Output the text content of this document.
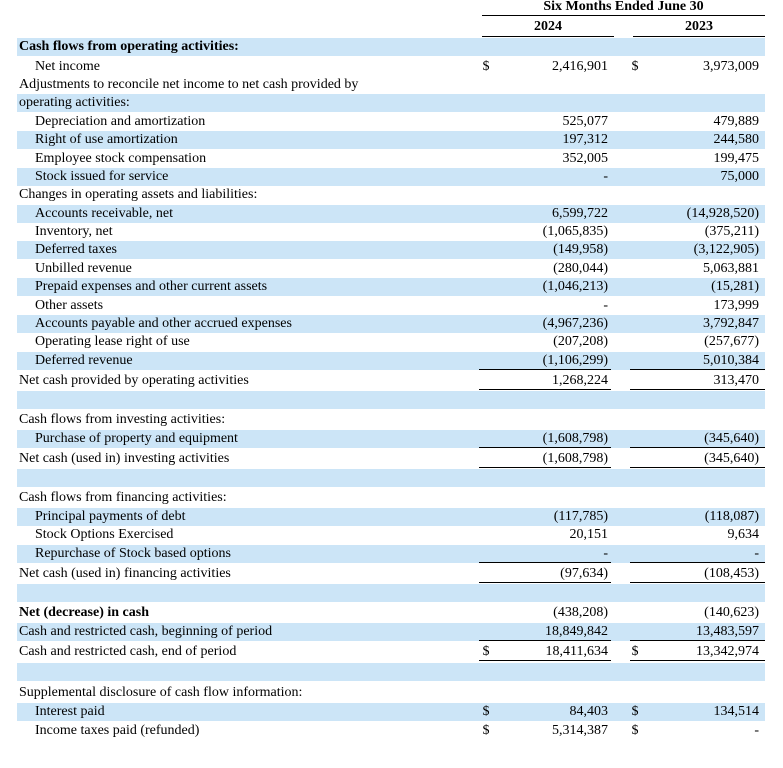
Six Months Ended June 30
2024	2023
Cash flows from operating activities:
Net income	$	2,416,901 $	3,973,009
Adjustments to reconcile net income to net cash provided by
operating activities:
Depreciation and amortization	525,077	479,889
Right of use amortization	197,312	244,580
Employee stock compensation	352,005	199,475
Stock issued for service	-	75,000
Changes in operating assets and liabilities:
Accounts receivable, net	6,599,722	(14,928,520)
Inventory, net	(1,065,835)	(375,211)
Deferred taxes	(149,958)	(3,122,905)
Unbilled revenue	(280,044)	5,063,881
Prepaid expenses and other current assets	(1,046,213)	(15,281)
Other assets	-	173,999
Accounts payable and other accrued expenses	(4,967,236)	3,792,847
Operating lease right of use	(207,208)	(257,677)
Deferred revenue	(1,106,299)	5,010,384
Net cash provided by operating activities	1,268,224	313,470
Cash flows from investing activities:
Purchase of property and equipment	(1,608,798)	(345,640)
Net cash (used in) investing activities	(1,608,798)	(345,640)
Cash flows from financing activities:
Principal payments of debt	(117,785)	(118,087)
Stock Options Exercised	20,151	9,634
Repurchase of Stock based options	-	-
Net cash (used in) financing activities	(97,634)	(108,453)
Net (decrease) in cash	(438,208)	(140,623)
Cash and restricted cash, beginning of period	18,849,842	13,483,597
Cash and restricted cash, end of period	$	18,411,634 $	13,342,974
Supplemental disclosure of cash flow information:
Interest paid	$	84,403 $	134,514
Income taxes paid (refunded)	$	5,314,387 $	-
